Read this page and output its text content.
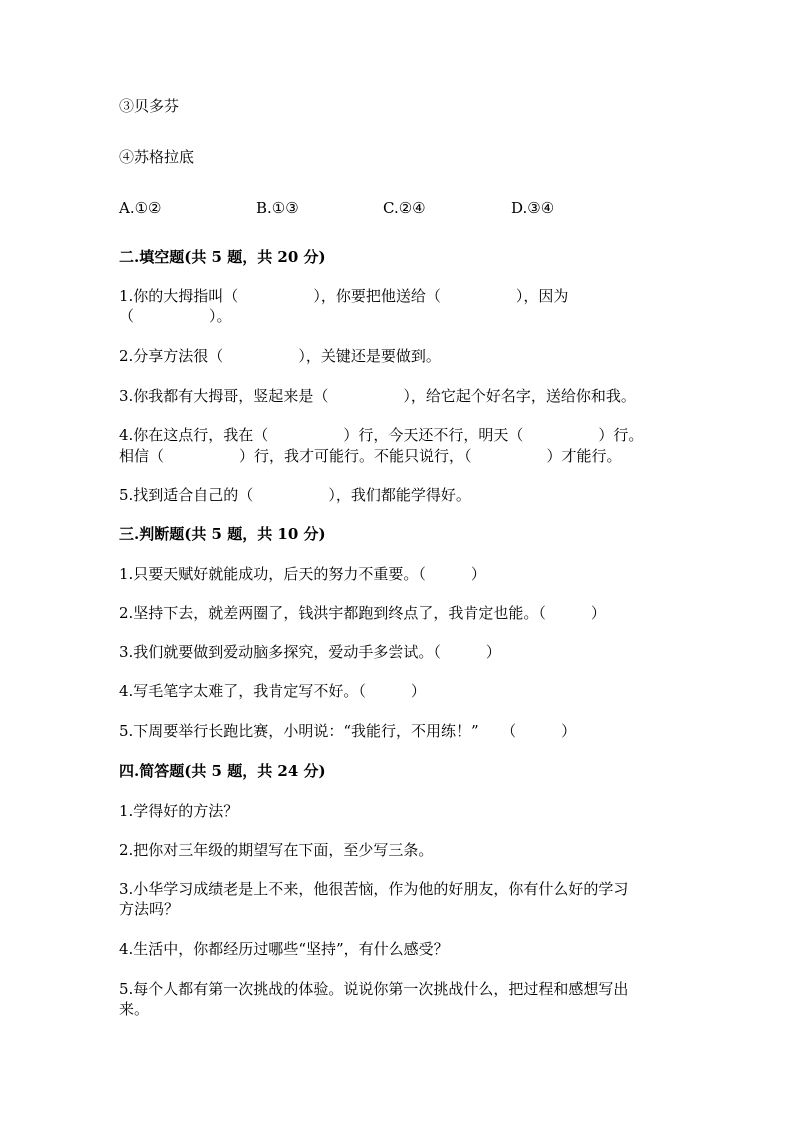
③贝多芬

④苏格拉底

A.①②	B.①③	C.②④	D.③④

二.填空题(共 5 题，共 20 分)

1.你的大拇指叫（　　　　　），你要把他送给（　　　　　），因为

（　　　　　）。

2.分享方法很（　　　　　），关键还是要做到。

3.你我都有大拇哥，竖起来是（　　　　　），给它起个好名字，送给你和我。

4.你在这点行，我在（　　　　　）行，今天还不行，明天（　　　　　）行。

相信（　　　　　）行，我才可能行。不能只说行，（　　　　　）才能行。

5.找到适合自己的（　　　　　），我们都能学得好。

三.判断题(共 5 题，共 10 分)

1.只要天赋好就能成功，后天的努力不重要。（　　　）

2.坚持下去，就差两圈了，钱洪宇都跑到终点了，我肯定也能。（　　　）

3.我们就要做到爱动脑多探究，爱动手多尝试。（　　　）

4.写毛笔字太难了，我肯定写不好。（　　　）

5.下周要举行长跑比赛，小明说：“我能行，不用练！”　　（　　　）

四.简答题(共 5 题，共 24 分)

1.学得好的方法？

2.把你对三年级的期望写在下面，至少写三条。

3.小华学习成绩老是上不来，他很苦恼，作为他的好朋友，你有什么好的学习

方法吗？

4.生活中，你都经历过哪些“坚持”，有什么感受？

5.每个人都有第一次挑战的体验。说说你第一次挑战什么，把过程和感想写出

来。
